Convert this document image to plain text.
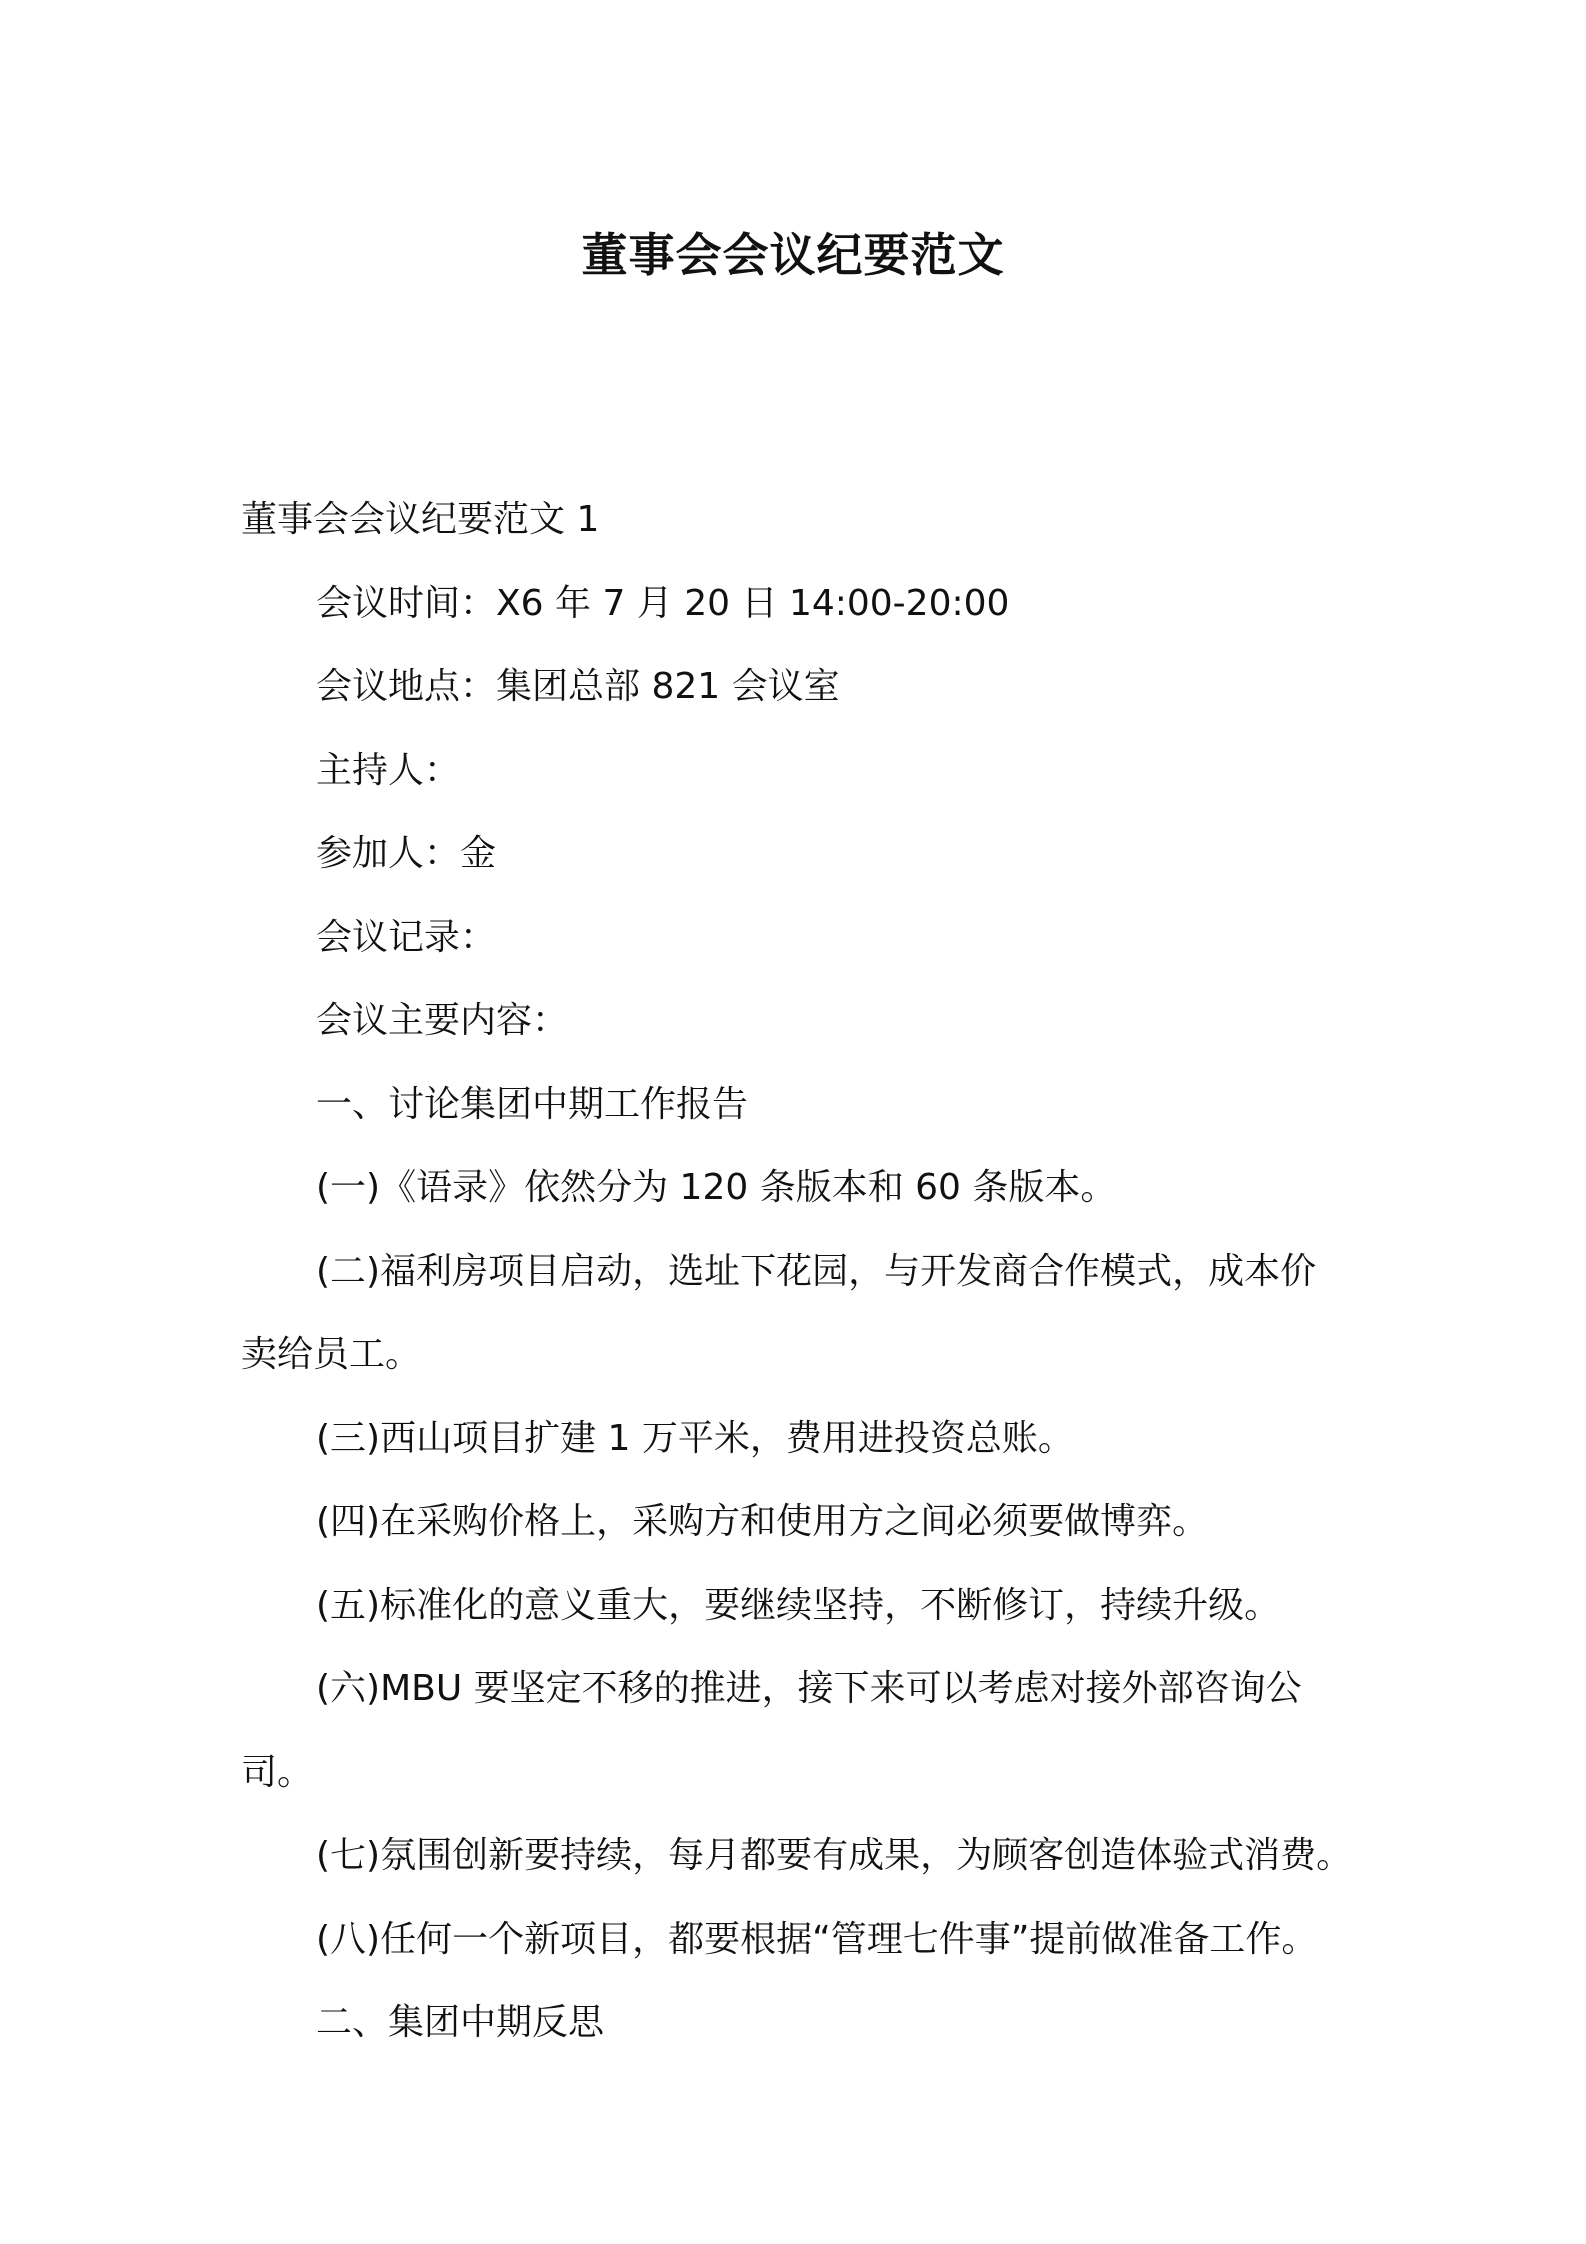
董事会会议纪要范文

董事会会议纪要范文 1

会议时间：X6 年 7 月 20 日 14:00-20:00

会议地点：集团总部 821 会议室

主持人：

参加人：金

会议记录：

会议主要内容：

一、讨论集团中期工作报告

(一)《语录》依然分为 120 条版本和 60 条版本。

(二)福利房项目启动，选址下花园，与开发商合作模式，成本价

卖给员工。

(三)西山项目扩建 1 万平米，费用进投资总账。

(四)在采购价格上，采购方和使用方之间必须要做博弈。

(五)标准化的意义重大，要继续坚持，不断修订，持续升级。

(六)MBU 要坚定不移的推进，接下来可以考虑对接外部咨询公

司。

(七)氛围创新要持续，每月都要有成果，为顾客创造体验式消费。

(八)任何一个新项目，都要根据“管理七件事”提前做准备工作。

二、集团中期反思
